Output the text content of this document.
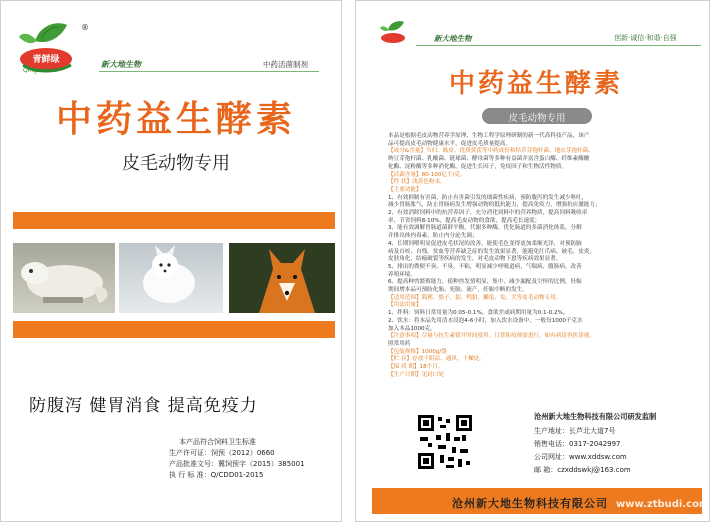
青鲜绿
Qingxian lv
®
新大地生物	中药活菌制剂
中药益生酵素
皮毛动物专用
防腹泻 健胃消食 提高免疫力
本产品符合饲料卫生标准
生产许可证：饲预（2012）0660
产品批准文号：冀饲预字（2015）385001
执 行 标 准：Q/CDD01-2015
新大地生物	创新·诚信·和谐·自强
中药益生酵素
皮毛动物专用
本品是根据毛皮动物营养学原理，生物工程学原理研制的新一代高科技产品，该产
品可提高皮毛动物健康水平，促进皮毛质量提高。
【成分&含量】当归、陈皮、优质黄芪等中药成份和秸草芽孢杆菌、地衣芽孢杆菌、
纳豆芽孢杆菌、乳酸菌、链球菌、酵母菌等多种有益菌并富含蛋白酶、纤维素酶醣
化酶、淀粉酶等多种消化酶，促进生长因子，免疫因子和生物活性物质。
【活菌含量】80-100亿个/克。
【性 状】浅黄色粉末。
【主要功能】
1、有效抑制有害菌，防止有害菌引发的细菌性疾病，预防腹泻的发生减少呕吐，
减少胃肠胀气，防止胃肠病发生增强动物的抵抗能力，提高免疫力，增强抗应激能力；
2、有效消除饲料中的抗营养因子，充分消化饲料中的营养物质，提高饲料吸收率
率，节省饲料8-10%，提高毛皮动物的食欲，提高毛长速度；
3、能有效调解胃肠道菌群平衡，代谢多种酶，优化肠道的多菌消化体系，分解
并排出体内毒素，防止内分泌失调；
4、长期饲喂明显促进皮毛状况的改善，能使毛色变得更加柔顺光泽，对预防脑
病及自咬、自残、贫血等营养缺乏症的发生效果显著，能避免红爪病、被毛、皮炎，
皮肤角化、结痂破裂等疾病的发生，对毛皮动物下崽等疾病效果显著。
5、排出的粪便不臭、不臭，不粘，明显减少呼吸道病，气喘病，腹肠病，改善
养殖环境。
6、提高种兽繁殖能力，使种兽发情明显、集中，减少漏配及空怀的比例，妊娠
期间增本品可预防化胎、死胎、流产，妊娠中断的发生。
【适用范围】狐狸、貉子、貂、鸭貂、獭兔、兔、犬等皮毛动物专用。
【用法用量】
1、拌料：饲料日常用量为0.05-0.1%，食欲差或病期用量为0.1-0.2%。
2、饮水：将本品先用清水浸泡4-6小时，加入饮水设备中，一般每1000千克水
加入本品1000克。
【注意事项】尽量与抗生素错开时间使用。日常防疫预需进行，如有病请兽医诊视，
照常用药
【包装规格】1000g/袋
【贮 存】存放于阴凉、通风、干燥处。
【保 质 期】18个月。
【生产日期】见封口处
沧州新大地生物科技有限公司研发监制
生产地址：长芦北大道7号
销售电话：0317-2042997
公司网址：www.xddsw.com
邮 箱：czxddswkj@163.com
沧州新大地生物科技有限公司 www.ztbudi.com
